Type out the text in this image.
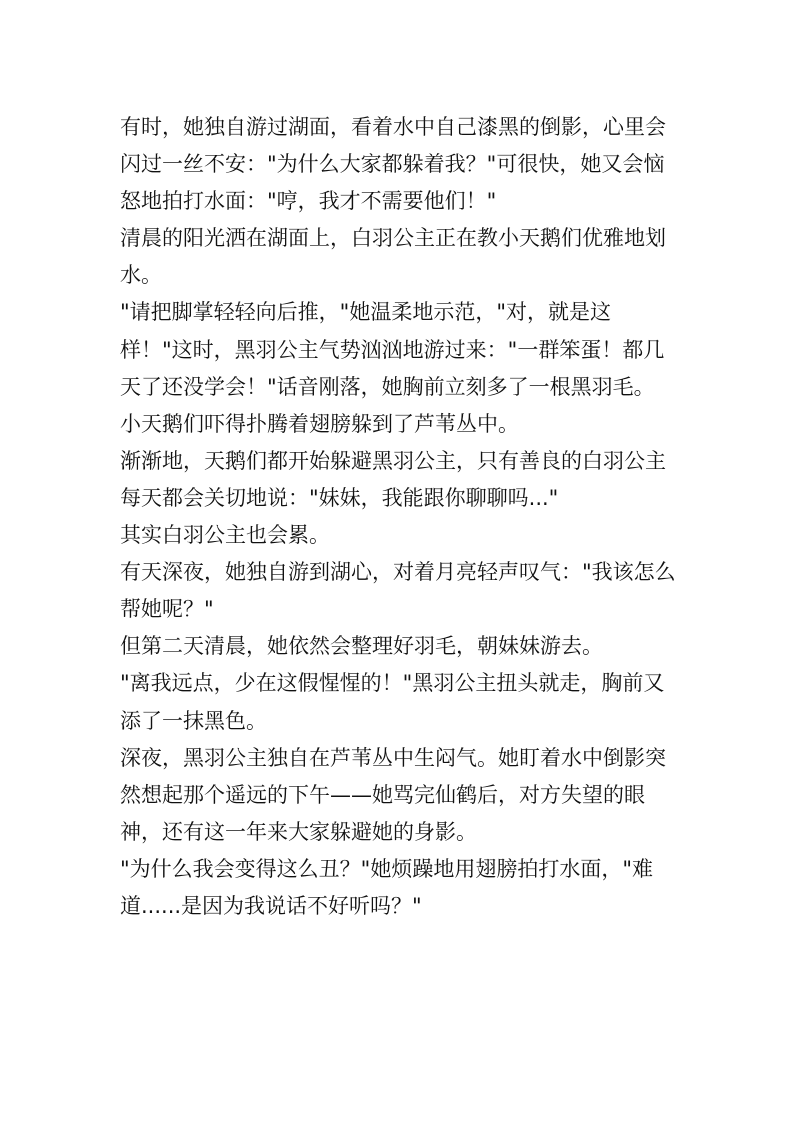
有时，她独自游过湖面，看着水中自己漆黑的倒影，心里会闪过一丝不安："为什么大家都躲着我？"可很快，她又会恼怒地拍打水面："哼，我才不需要他们！"

清晨的阳光洒在湖面上，白羽公主正在教小天鹅们优雅地划水。

"请把脚掌轻轻向后推，"她温柔地示范，"对，就是这样！"这时，黑羽公主气势汹汹地游过来："一群笨蛋！都几天了还没学会！"话音刚落，她胸前立刻多了一根黑羽毛。

小天鹅们吓得扑腾着翅膀躲到了芦苇丛中。

渐渐地，天鹅们都开始躲避黑羽公主，只有善良的白羽公主每天都会关切地说："妹妹，我能跟你聊聊吗..."

其实白羽公主也会累。

有天深夜，她独自游到湖心，对着月亮轻声叹气："我该怎么帮她呢？"

但第二天清晨，她依然会整理好羽毛，朝妹妹游去。

"离我远点，少在这假惺惺的！"黑羽公主扭头就走，胸前又添了一抹黑色。

深夜，黑羽公主独自在芦苇丛中生闷气。她盯着水中倒影突然想起那个遥远的下午——她骂完仙鹤后，对方失望的眼神，还有这一年来大家躲避她的身影。

"为什么我会变得这么丑？"她烦躁地用翅膀拍打水面，"难道......是因为我说话不好听吗？"
